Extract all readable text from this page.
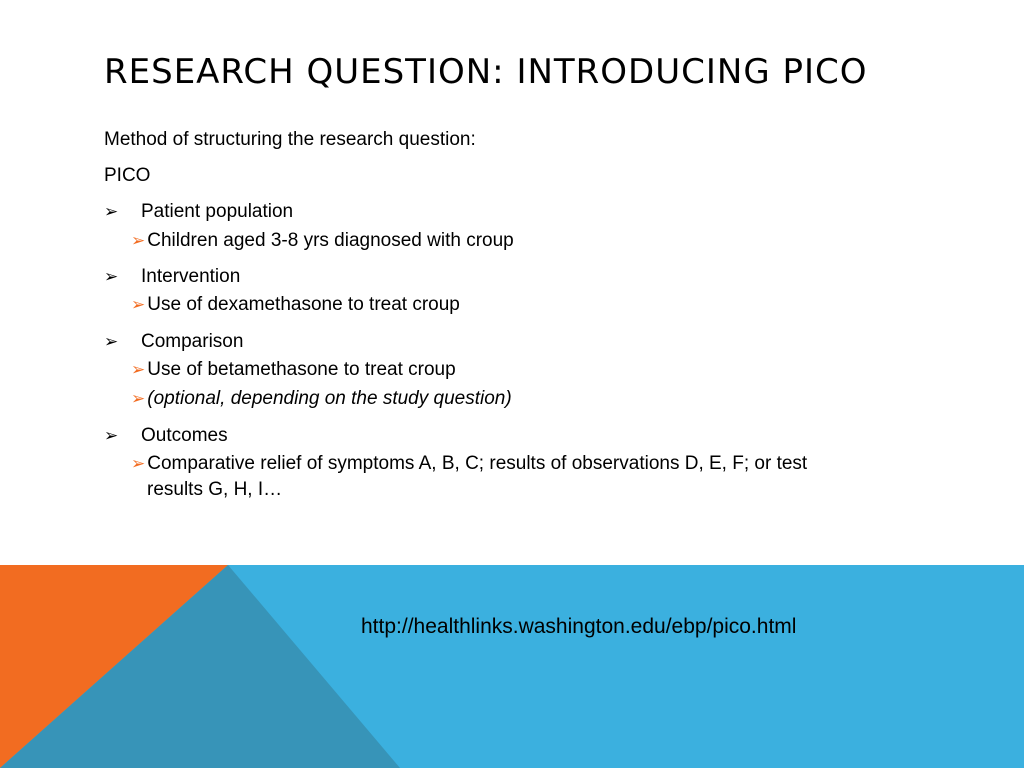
RESEARCH QUESTION: INTRODUCING PICO
Method of structuring the research question:
PICO
➢ Patient population
➢ Children aged 3-8 yrs diagnosed with croup
➢ Intervention
➢ Use of dexamethasone to treat croup
➢ Comparison
➢ Use of betamethasone to treat croup
➢ (optional, depending on the study question)
➢ Outcomes
➢ Comparative relief of symptoms A, B, C; results of observations D, E, F; or test
results G, H, I…
http://healthlinks.washington.edu/ebp/pico.html
